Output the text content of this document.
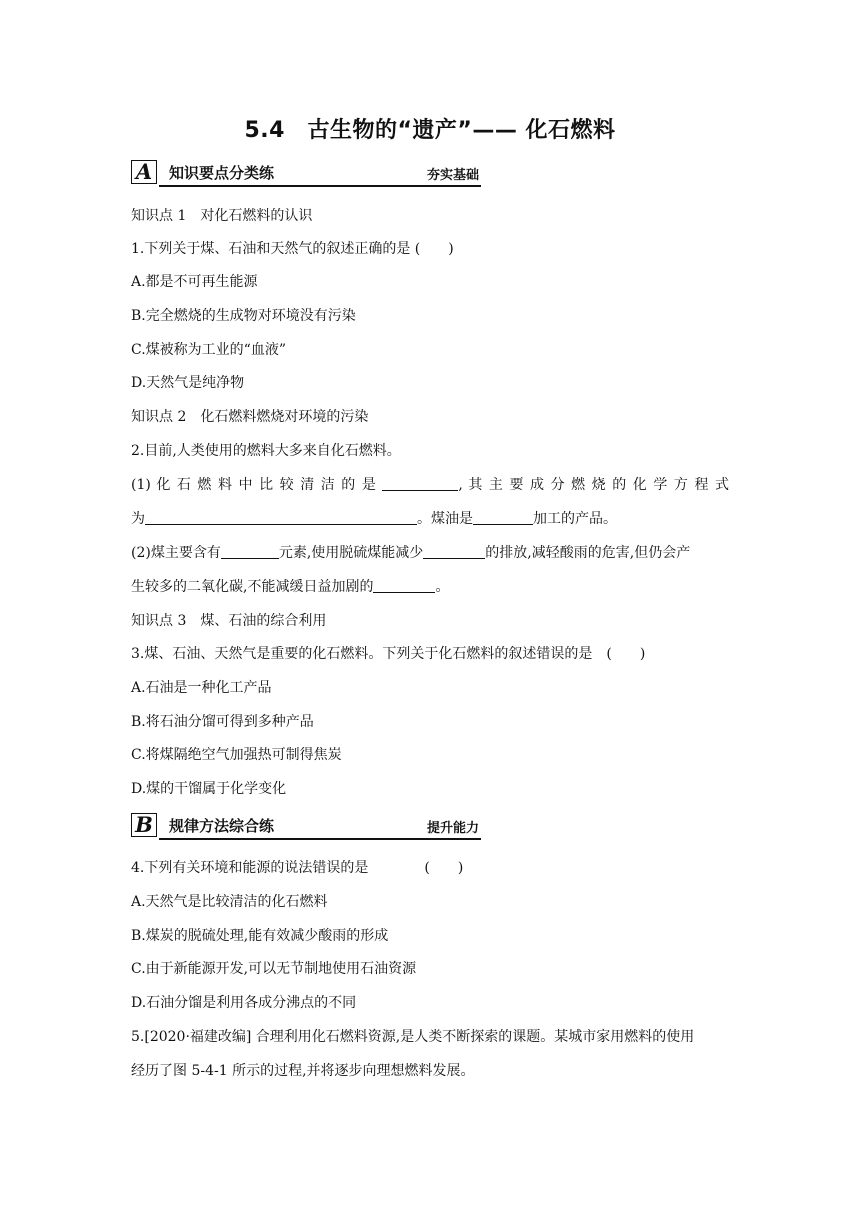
5.4　古生物的“遗产”—— 化石燃料
A	知识要点分类练	夯实基础
知识点 1　对化石燃料的认识
1.下列关于煤、石油和天然气的叙述正确的是 (　　)
A.都是不可再生能源
B.完全燃烧的生成物对环境没有污染
C.煤被称为工业的“血液”
D.天然气是纯净物
知识点 2　化石燃料燃烧对环境的污染
2.目前,人类使用的燃料大多来自化石燃料。
(1) 化 石 燃 料 中 比 较 清 洁 的 是	, 其 主 要 成 分 燃 烧 的 化 学 方 程 式
为	。煤油是	加工的产品。
(2)煤主要含有	元素,使用脱硫煤能减少	的排放,减轻酸雨的危害,但仍会产
生较多的二氧化碳,不能减缓日益加剧的	。
知识点 3　煤、石油的综合利用
3.煤、石油、天然气是重要的化石燃料。下列关于化石燃料的叙述错误的是　(　　)
A.石油是一种化工产品
B.将石油分馏可得到多种产品
C.将煤隔绝空气加强热可制得焦炭
D.煤的干馏属于化学变化
B 规律方法综合练	提升能力
4.下列有关环境和能源的说法错误的是　　　　(　　)
A.天然气是比较清洁的化石燃料
B.煤炭的脱硫处理,能有效减少酸雨的形成
C.由于新能源开发,可以无节制地使用石油资源
D.石油分馏是利用各成分沸点的不同
5.[2020·福建改编] 合理利用化石燃料资源,是人类不断探索的课题。某城市家用燃料的使用
经历了图 5-4-1 所示的过程,并将逐步向理想燃料发展。
